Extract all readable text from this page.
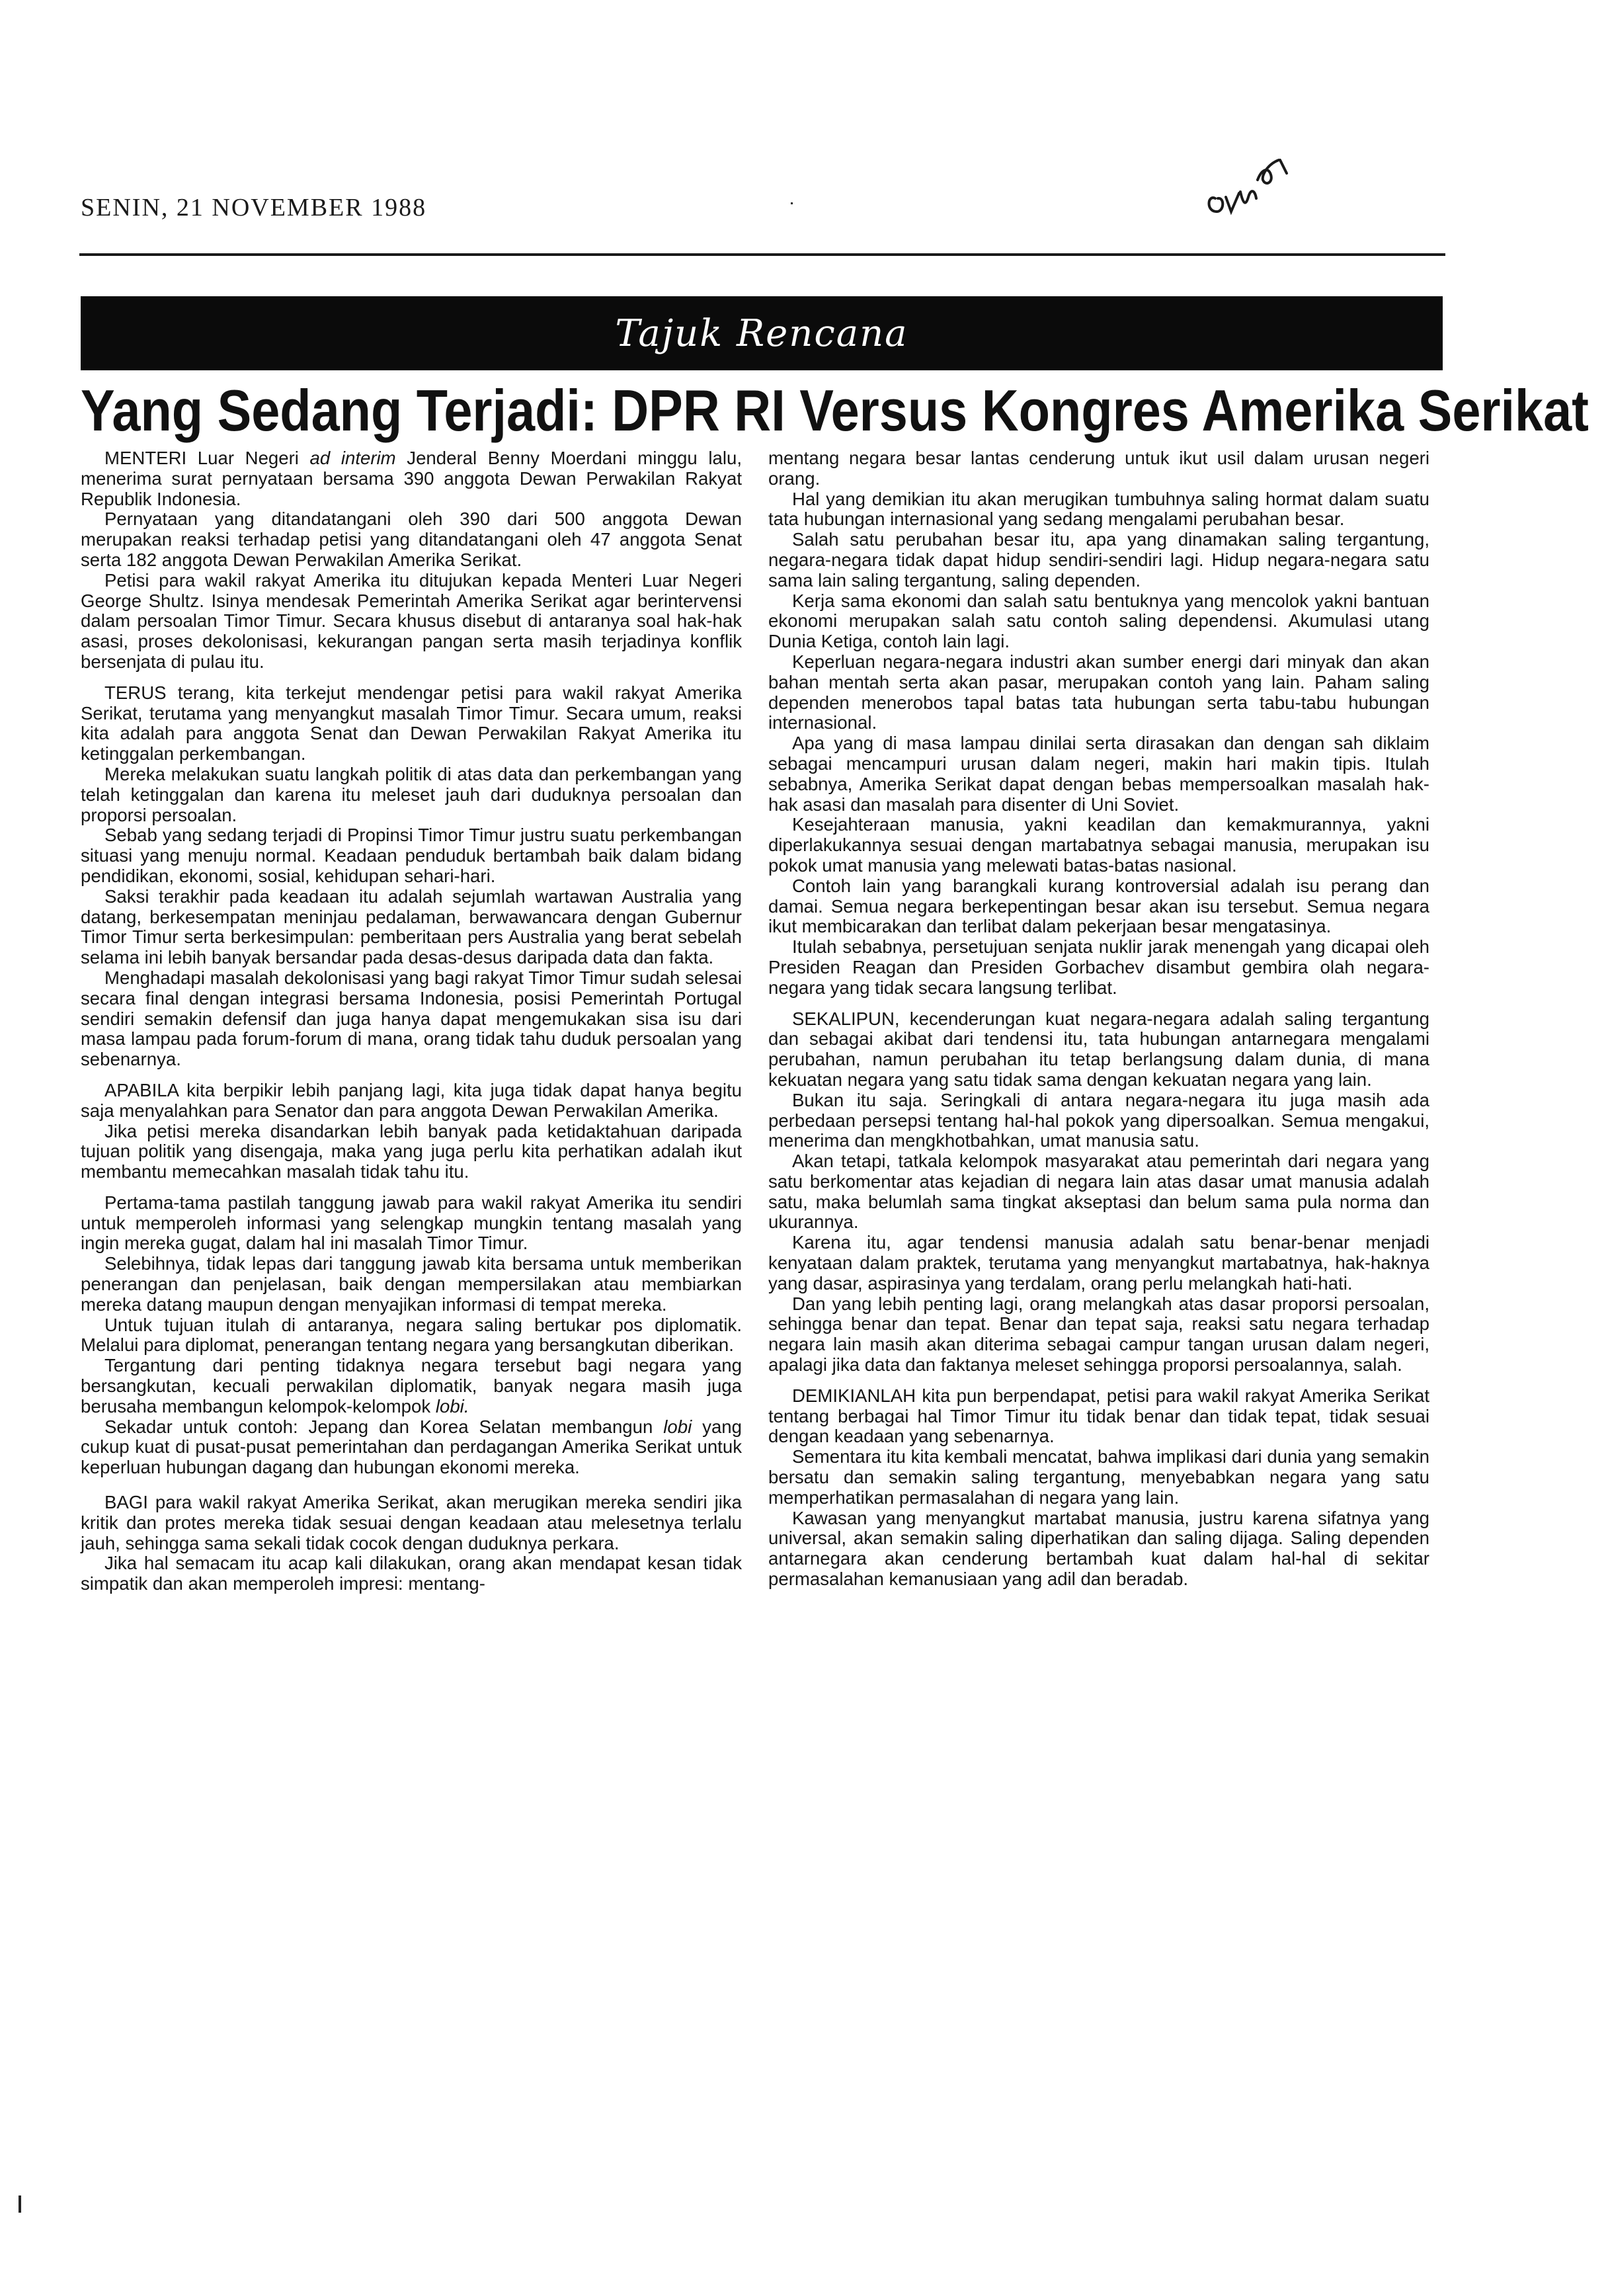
SENIN, 21 NOVEMBER 1988
Tajuk Rencana
Yang Sedang Terjadi: DPR RI Versus Kongres Amerika Serikat

MENTERI Luar Negeri ad interim Jenderal Benny Moerdani minggu lalu, menerima surat pernyataan bersama 390 anggota Dewan Perwakilan Rakyat Republik Indonesia.

Pernyataan yang ditandatangani oleh 390 dari 500 anggota Dewan merupakan reaksi terhadap petisi yang ditandatangani oleh 47 anggota Senat serta 182 anggota Dewan Perwakilan Amerika Serikat.

Petisi para wakil rakyat Amerika itu ditujukan kepada Menteri Luar Negeri George Shultz. Isinya mendesak Pemerintah Amerika Serikat agar berintervensi dalam persoalan Timor Timur. Secara khusus disebut di antaranya soal hak-hak asasi, proses dekolonisasi, kekurangan pangan serta masih terjadinya konflik bersenjata di pulau itu.

TERUS terang, kita terkejut mendengar petisi para wakil rakyat Amerika Serikat, terutama yang menyangkut masalah Timor Timur. Secara umum, reaksi kita adalah para anggota Senat dan Dewan Perwakilan Rakyat Amerika itu ketinggalan perkembangan.

Mereka melakukan suatu langkah politik di atas data dan perkembangan yang telah ketinggalan dan karena itu meleset jauh dari duduknya persoalan dan proporsi persoalan.

Sebab yang sedang terjadi di Propinsi Timor Timur justru suatu perkembangan situasi yang menuju normal. Keadaan penduduk bertambah baik dalam bidang pendidikan, ekonomi, sosial, kehidupan sehari-hari.

Saksi terakhir pada keadaan itu adalah sejumlah wartawan Australia yang datang, berkesempatan meninjau pedalaman, berwawancara dengan Gubernur Timor Timur serta berkesimpulan: pemberitaan pers Australia yang berat sebelah selama ini lebih banyak bersandar pada desas-desus daripada data dan fakta.

Menghadapi masalah dekolonisasi yang bagi rakyat Timor Timur sudah selesai secara final dengan integrasi bersama Indonesia, posisi Pemerintah Portugal sendiri semakin defensif dan juga hanya dapat mengemukakan sisa isu dari masa lampau pada forum-forum di mana, orang tidak tahu duduk persoalan yang sebenarnya.

APABILA kita berpikir lebih panjang lagi, kita juga tidak dapat hanya begitu saja menyalahkan para Senator dan para anggota Dewan Perwakilan Amerika.

Jika petisi mereka disandarkan lebih banyak pada ketidaktahuan daripada tujuan politik yang disengaja, maka yang juga perlu kita perhatikan adalah ikut membantu memecahkan masalah tidak tahu itu.

Pertama-tama pastilah tanggung jawab para wakil rakyat Amerika itu sendiri untuk memperoleh informasi yang selengkap mungkin tentang masalah yang ingin mereka gugat, dalam hal ini masalah Timor Timur.

Selebihnya, tidak lepas dari tanggung jawab kita bersama untuk memberikan penerangan dan penjelasan, baik dengan mempersilakan atau membiarkan mereka datang maupun dengan menyajikan informasi di tempat mereka.

Untuk tujuan itulah di antaranya, negara saling bertukar pos diplomatik. Melalui para diplomat, penerangan tentang negara yang bersangkutan diberikan.

Tergantung dari penting tidaknya negara tersebut bagi negara yang bersangkutan, kecuali perwakilan diplomatik, banyak negara masih juga berusaha membangun kelompok-kelompok lobi.

Sekadar untuk contoh: Jepang dan Korea Selatan membangun lobi yang cukup kuat di pusat-pusat pemerintahan dan perdagangan Amerika Serikat untuk keperluan hubungan dagang dan hubungan ekonomi mereka.

BAGI para wakil rakyat Amerika Serikat, akan merugikan mereka sendiri jika kritik dan protes mereka tidak sesuai dengan keadaan atau melesetnya terlalu jauh, sehingga sama sekali tidak cocok dengan duduknya perkara.

Jika hal semacam itu acap kali dilakukan, orang akan mendapat kesan tidak simpatik dan akan memperoleh impresi: mentang-

mentang negara besar lantas cenderung untuk ikut usil dalam urusan negeri orang.

Hal yang demikian itu akan merugikan tumbuhnya saling hormat dalam suatu tata hubungan internasional yang sedang mengalami perubahan besar.

Salah satu perubahan besar itu, apa yang dinamakan saling tergantung, negara-negara tidak dapat hidup sendiri-sendiri lagi. Hidup negara-negara satu sama lain saling tergantung, saling dependen.

Kerja sama ekonomi dan salah satu bentuknya yang mencolok yakni bantuan ekonomi merupakan salah satu contoh saling dependensi. Akumulasi utang Dunia Ketiga, contoh lain lagi.

Keperluan negara-negara industri akan sumber energi dari minyak dan akan bahan mentah serta akan pasar, merupakan contoh yang lain. Paham saling dependen menerobos tapal batas tata hubungan serta tabu-tabu hubungan internasional.

Apa yang di masa lampau dinilai serta dirasakan dan dengan sah diklaim sebagai mencampuri urusan dalam negeri, makin hari makin tipis. Itulah sebabnya, Amerika Serikat dapat dengan bebas mempersoalkan masalah hak-hak asasi dan masalah para disenter di Uni Soviet.

Kesejahteraan manusia, yakni keadilan dan kemakmurannya, yakni diperlakukannya sesuai dengan martabatnya sebagai manusia, merupakan isu pokok umat manusia yang melewati batas-batas nasional.

Contoh lain yang barangkali kurang kontroversial adalah isu perang dan damai. Semua negara berkepentingan besar akan isu tersebut. Semua negara ikut membicarakan dan terlibat dalam pekerjaan besar mengatasinya.

Itulah sebabnya, persetujuan senjata nuklir jarak menengah yang dicapai oleh Presiden Reagan dan Presiden Gorbachev disambut gembira olah negara-negara yang tidak secara langsung terlibat.

SEKALIPUN, kecenderungan kuat negara-negara adalah saling tergantung dan sebagai akibat dari tendensi itu, tata hubungan antarnegara mengalami perubahan, namun perubahan itu tetap berlangsung dalam dunia, di mana kekuatan negara yang satu tidak sama dengan kekuatan negara yang lain.

Bukan itu saja. Seringkali di antara negara-negara itu juga masih ada perbedaan persepsi tentang hal-hal pokok yang dipersoalkan. Semua mengakui, menerima dan mengkhotbahkan, umat manusia satu.

Akan tetapi, tatkala kelompok masyarakat atau pemerintah dari negara yang satu berkomentar atas kejadian di negara lain atas dasar umat manusia adalah satu, maka belumlah sama tingkat akseptasi dan belum sama pula norma dan ukurannya.

Karena itu, agar tendensi manusia adalah satu benar-benar menjadi kenyataan dalam praktek, terutama yang menyangkut martabatnya, hak-haknya yang dasar, aspirasinya yang terdalam, orang perlu melangkah hati-hati.

Dan yang lebih penting lagi, orang melangkah atas dasar proporsi persoalan, sehingga benar dan tepat. Benar dan tepat saja, reaksi satu negara terhadap negara lain masih akan diterima sebagai campur tangan urusan dalam negeri, apalagi jika data dan faktanya meleset sehingga proporsi persoalannya, salah.

DEMIKIANLAH kita pun berpendapat, petisi para wakil rakyat Amerika Serikat tentang berbagai hal Timor Timur itu tidak benar dan tidak tepat, tidak sesuai dengan keadaan yang sebenarnya.

Sementara itu kita kembali mencatat, bahwa implikasi dari dunia yang semakin bersatu dan semakin saling tergantung, menyebabkan negara yang satu memperhatikan permasalahan di negara yang lain.

Kawasan yang menyangkut martabat manusia, justru karena sifatnya yang universal, akan semakin saling diperhatikan dan saling dijaga. Saling dependen antarnegara akan cenderung bertambah kuat dalam hal-hal di sekitar permasalahan kemanusiaan yang adil dan beradab.
